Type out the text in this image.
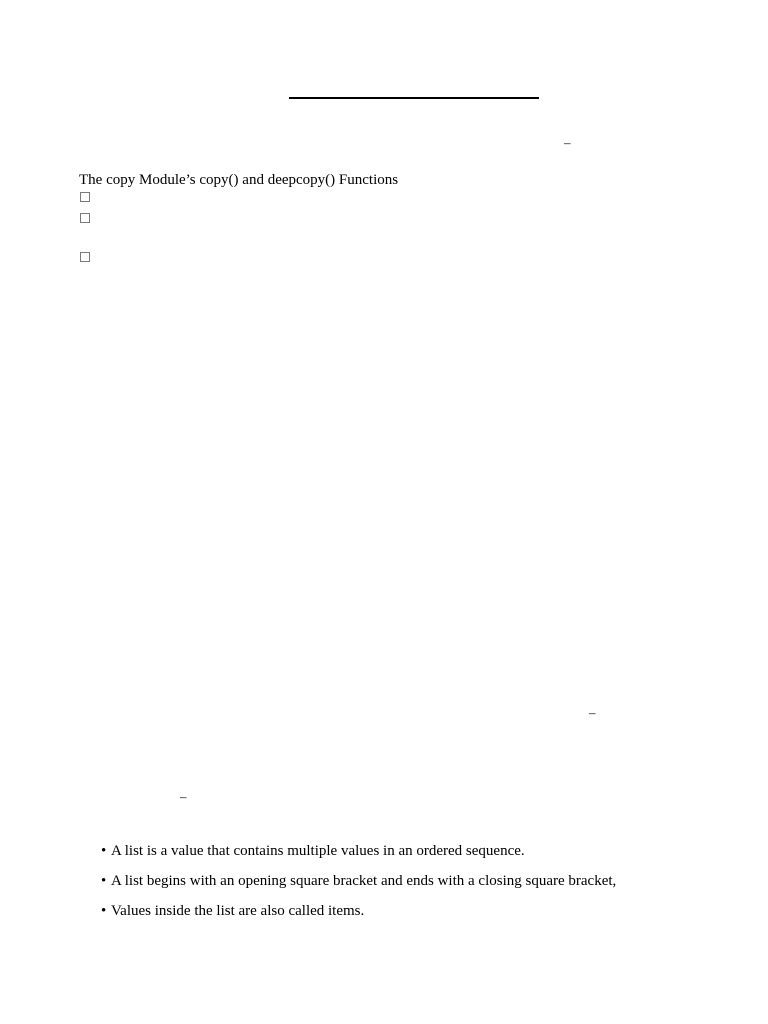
–
The copy Module’s copy() and deepcopy() Functions
–
–
• A list is a value that contains multiple values in an ordered sequence.
• A list begins with an opening square bracket and ends with a closing square bracket,
• Values inside the list are also called items.
